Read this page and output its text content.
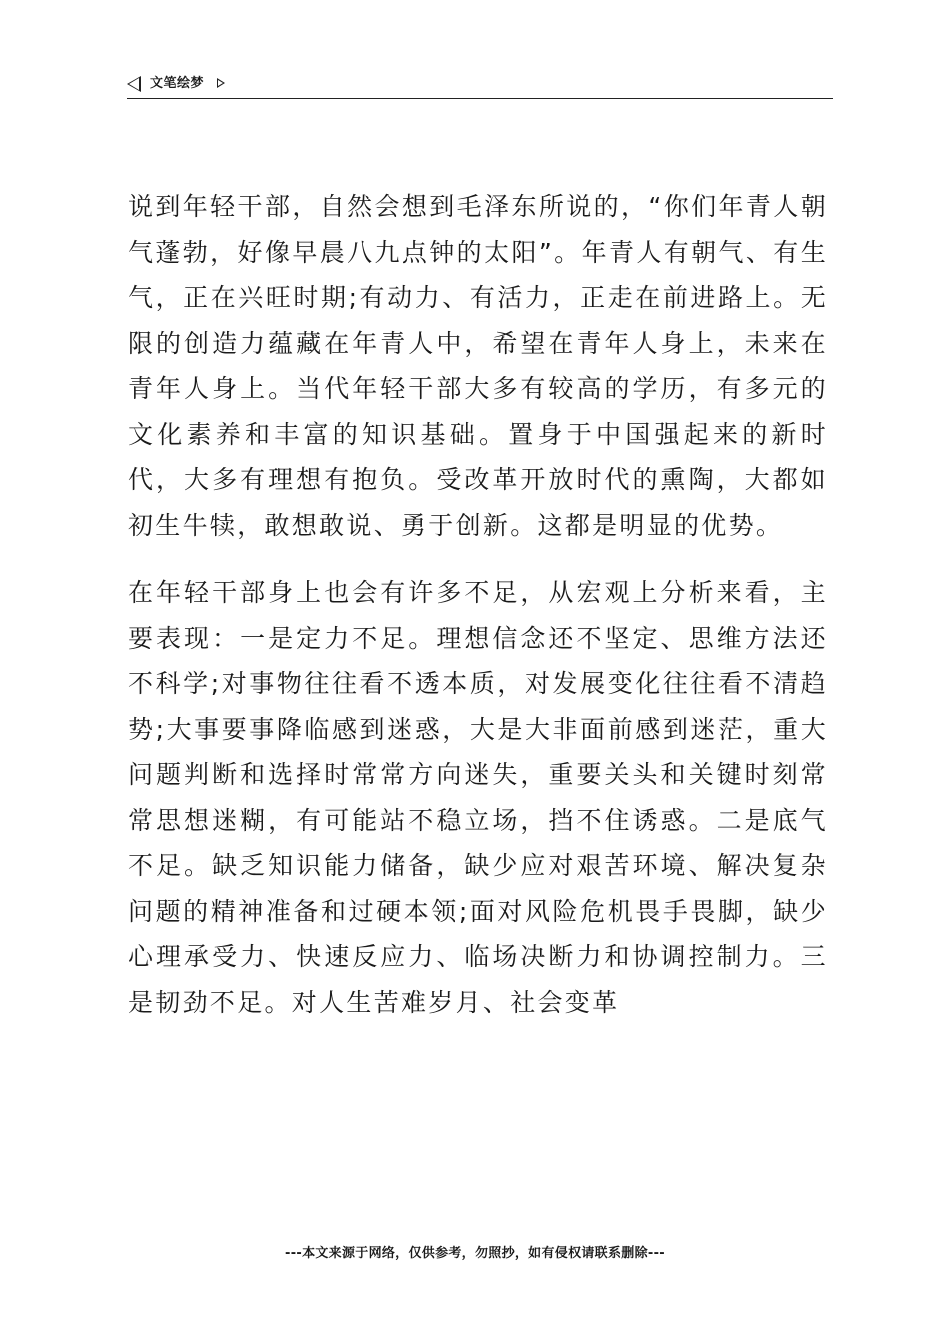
文笔绘梦

说到年轻干部，自然会想到毛泽东所说的，“你们年青人朝气蓬勃，好像早晨八九点钟的太阳”。年青人有朝气、有生气，正在兴旺时期;有动力、有活力，正走在前进路上。无限的创造力蕴藏在年青人中，希望在青年人身上，未来在青年人身上。当代年轻干部大多有较高的学历，有多元的文化素养和丰富的知识基础。置身于中国强起来的新时代，大多有理想有抱负。受改革开放时代的熏陶，大都如初生牛犊，敢想敢说、勇于创新。这都是明显的优势。

在年轻干部身上也会有许多不足，从宏观上分析来看，主要表现：一是定力不足。理想信念还不坚定、思维方法还不科学;对事物往往看不透本质，对发展变化往往看不清趋势;大事要事降临感到迷惑，大是大非面前感到迷茫，重大问题判断和选择时常常方向迷失，重要关头和关键时刻常常思想迷糊，有可能站不稳立场，挡不住诱惑。二是底气不足。缺乏知识能力储备，缺少应对艰苦环境、解决复杂问题的精神准备和过硬本领;面对风险危机畏手畏脚，缺少心理承受力、快速反应力、临场决断力和协调控制力。三是韧劲不足。对人生苦难岁月、社会变革

---本文来源于网络，仅供参考，勿照抄，如有侵权请联系删除---
